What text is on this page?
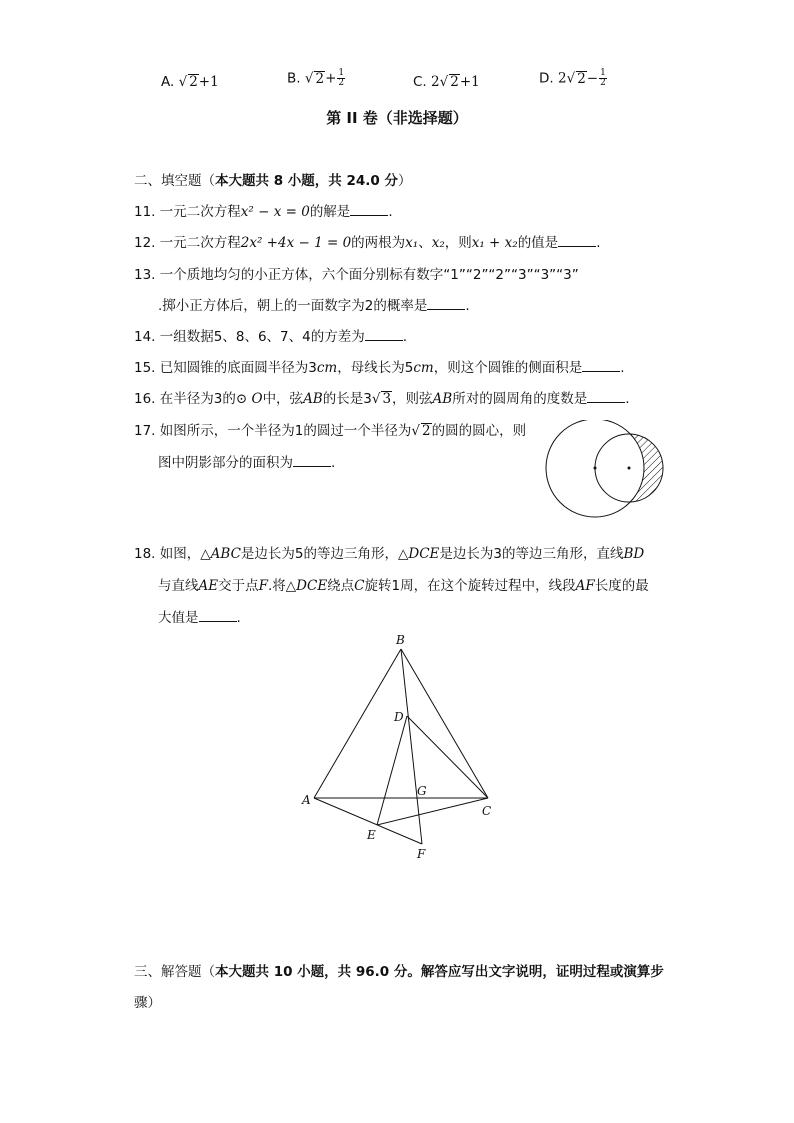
A. √ 2+1	B. √ $2+ \frac{1}{2}$	C. 2√ 2+1	D. 2√ $2- \frac{1}{2}$
第 II 卷（非选择题）
二、填空题（本大题共 8 小题，共 24.0 分）
11. 一元二次方程x² − x = 0的解是	.
12. 一元二次方程2x² +4x − 1 = 0的两根为x₁、x₂，则x₁ + x₂的值是	.
13. 一个质地均匀的小正方体，六个面分别标有数字“1”“2”“2”“3”“3”“3”
.掷小正方体后，朝上的一面数字为2的概率是	.
14. 一组数据5、8、6、7、4的方差为	.
15. 已知圆锥的底面圆半径为3cm，母线长为5cm，则这个圆锥的侧面积是	.
16. 在半径为3的⊙ O中，弦AB的长是3√ 3，则弦AB所对的圆周角的度数是	.
17. 如图所示，一个半径为1的圆过一个半径为√ 2的圆的圆心，则
图中阴影部分的面积为	.
18. 如图，△ABC是边长为5的等边三角形，△DCE是边长为3的等边三角形，直线BD
与直线AE交于点F.将△DCE绕点C旋转1周，在这个旋转过程中，线段AF长度的最
大值是	.
B
D
G
A
C
E
F
三、解答题（本大题共 10 小题，共 96.0 分。解答应写出文字说明，证明过程或演算步
骤）
